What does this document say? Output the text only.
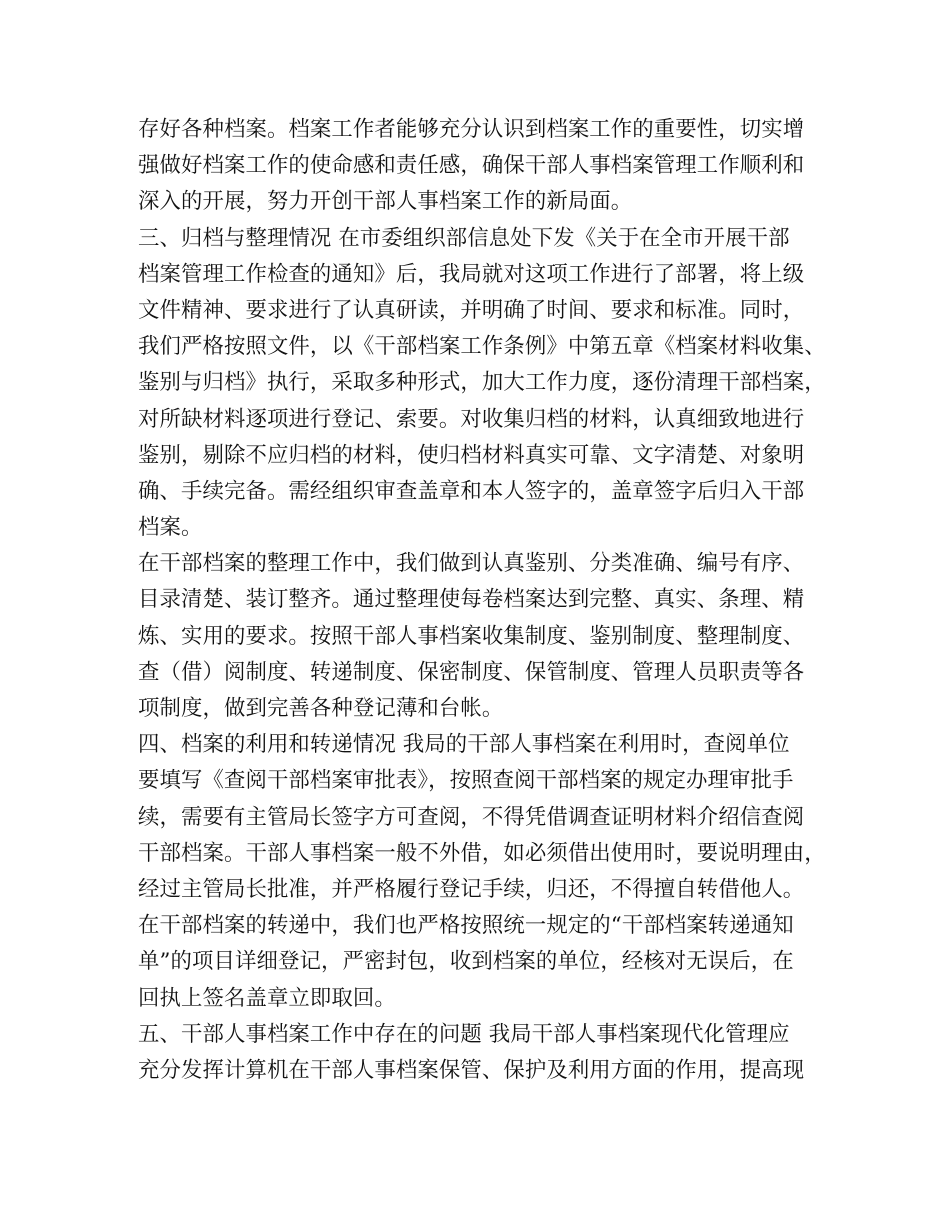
存好各种档案。档案工作者能够充分认识到档案工作的重要性，切实增
强做好档案工作的使命感和责任感，确保干部人事档案管理工作顺利和
深入的开展，努力开创干部人事档案工作的新局面。
三、归档与整理情况 在市委组织部信息处下发《关于在全市开展干部
档案管理工作检查的通知》后，我局就对这项工作进行了部署，将上级
文件精神、要求进行了认真研读，并明确了时间、要求和标准。同时，
我们严格按照文件，以《干部档案工作条例》中第五章《档案材料收集、
鉴别与归档》执行，采取多种形式，加大工作力度，逐份清理干部档案，
对所缺材料逐项进行登记、索要。对收集归档的材料，认真细致地进行
鉴别，剔除不应归档的材料，使归档材料真实可靠、文字清楚、对象明
确、手续完备。需经组织审查盖章和本人签字的，盖章签字后归入干部
档案。
在干部档案的整理工作中，我们做到认真鉴别、分类准确、编号有序、
目录清楚、装订整齐。通过整理使每卷档案达到完整、真实、条理、精
炼、实用的要求。按照干部人事档案收集制度、鉴别制度、整理制度、
查（借）阅制度、转递制度、保密制度、保管制度、管理人员职责等各
项制度，做到完善各种登记薄和台帐。
四、档案的利用和转递情况 我局的干部人事档案在利用时，查阅单位
要填写《查阅干部档案审批表》，按照查阅干部档案的规定办理审批手
续，需要有主管局长签字方可查阅，不得凭借调查证明材料介绍信查阅
干部档案。干部人事档案一般不外借，如必须借出使用时，要说明理由，
经过主管局长批准，并严格履行登记手续，归还，不得擅自转借他人。
在干部档案的转递中，我们也严格按照统一规定的“干部档案转递通知
单”的项目详细登记，严密封包，收到档案的单位，经核对无误后，在
回执上签名盖章立即取回。
五、干部人事档案工作中存在的问题 我局干部人事档案现代化管理应
充分发挥计算机在干部人事档案保管、保护及利用方面的作用，提高现
